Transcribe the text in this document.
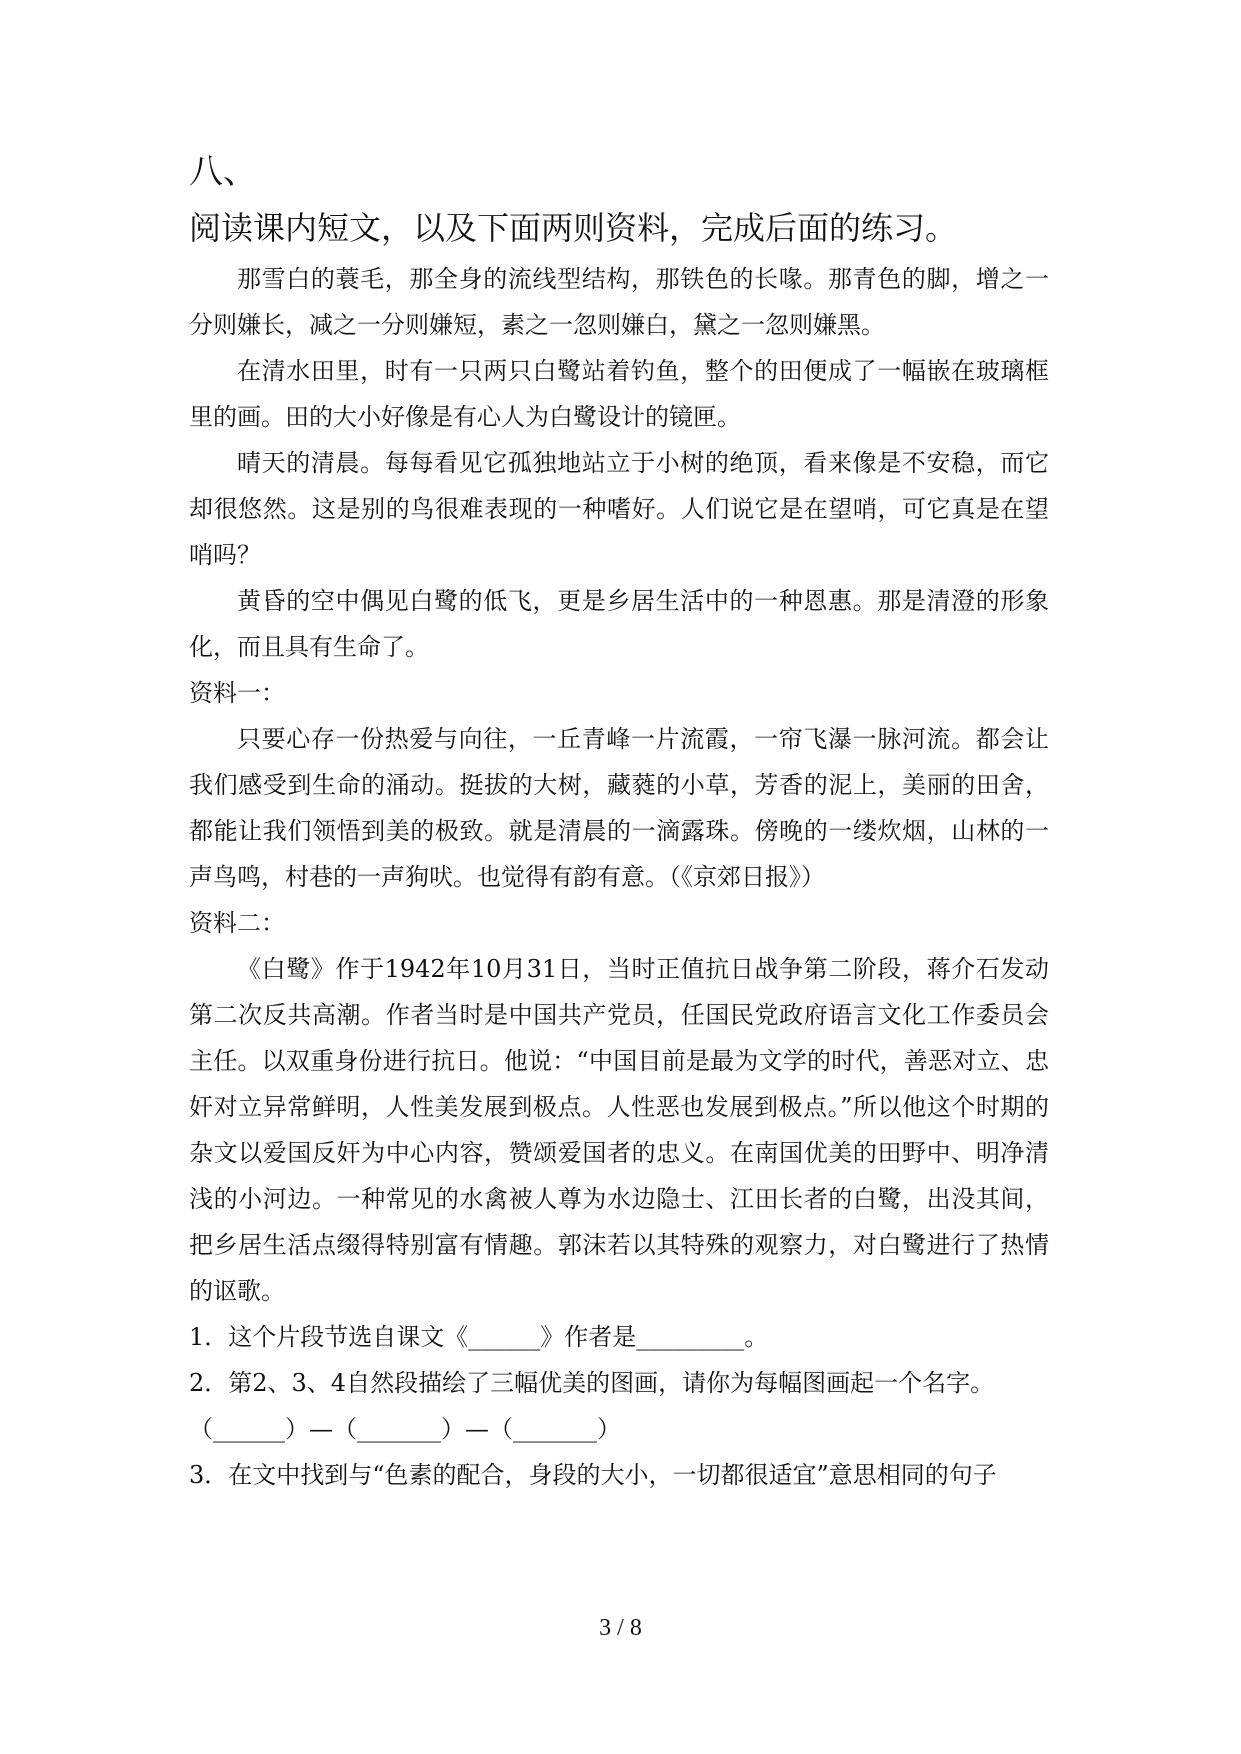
八、
阅读课内短文，以及下面两则资料，完成后面的练习。

那雪白的蓑毛，那全身的流线型结构，那铁色的长喙。那青色的脚，增之一分则嫌长，减之一分则嫌短，素之一忽则嫌白，黛之一忽则嫌黑。

在清水田里，时有一只两只白鹭站着钓鱼，整个的田便成了一幅嵌在玻璃框里的画。田的大小好像是有心人为白鹭设计的镜匣。

晴天的清晨。每每看见它孤独地站立于小树的绝顶，看来像是不安稳，而它却很悠然。这是别的鸟很难表现的一种嗜好。人们说它是在望哨，可它真是在望哨吗？

黄昏的空中偶见白鹭的低飞，更是乡居生活中的一种恩惠。那是清澄的形象化，而且具有生命了。

资料一：

只要心存一份热爱与向往，一丘青峰一片流霞，一帘飞瀑一脉河流。都会让我们感受到生命的涌动。挺拔的大树，藏蕤的小草，芳香的泥上，美丽的田舍，都能让我们领悟到美的极致。就是清晨的一滴露珠。傍晚的一缕炊烟，山林的一声鸟鸣，村巷的一声狗吠。也觉得有韵有意。（《京郊日报》）

资料二：

《白鹭》作于1942年10月31日，当时正值抗日战争第二阶段，蒋介石发动第二次反共高潮。作者当时是中国共产党员，任国民党政府语言文化工作委员会主任。以双重身份进行抗日。他说：“中国目前是最为文学的时代，善恶对立、忠奸对立异常鲜明，人性美发展到极点。人性恶也发展到极点。”所以他这个时期的杂文以爱国反奸为中心内容，赞颂爱国者的忠义。在南国优美的田野中、明净清浅的小河边。一种常见的水禽被人尊为水边隐士、江田长者的白鹭，出没其间，把乡居生活点缀得特别富有情趣。郭沫若以其特殊的观察力，对白鹭进行了热情的讴歌。

1．这个片段节选自课文《______》作者是_________。
2．第2、3、4自然段描绘了三幅优美的图画，请你为每幅图画起一个名字。
（______）—（_______）—（_______）
3．在文中找到与“色素的配合，身段的大小，一切都很适宜”意思相同的句子
3 / 8
